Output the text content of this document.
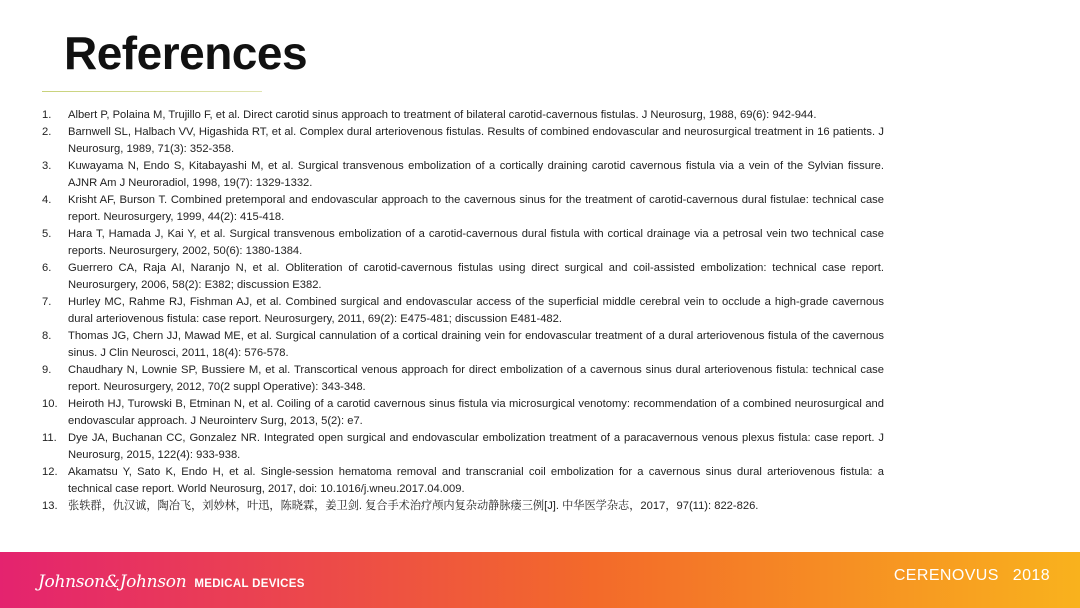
References
1.	Albert P, Polaina M, Trujillo F, et al. Direct carotid sinus approach to treatment of bilateral carotid-cavernous fistulas. J Neurosurg, 1988, 69(6): 942-944.
2.	Barnwell SL, Halbach VV, Higashida RT, et al. Complex dural arteriovenous fistulas. Results of combined endovascular and neurosurgical treatment in 16 patients. J Neurosurg, 1989, 71(3): 352-358.
3.	Kuwayama N, Endo S, Kitabayashi M, et al. Surgical transvenous embolization of a cortically draining carotid cavernous fistula via a vein of the Sylvian fissure. AJNR Am J Neuroradiol, 1998, 19(7): 1329-1332.
4.	Krisht AF, Burson T. Combined pretemporal and endovascular approach to the cavernous sinus for the treatment of carotid-cavernous dural fistulae: technical case report. Neurosurgery, 1999, 44(2): 415-418.
5.	Hara T, Hamada J, Kai Y, et al. Surgical transvenous embolization of a carotid-cavernous dural fistula with cortical drainage via a petrosal vein two technical case reports. Neurosurgery, 2002, 50(6): 1380-1384.
6.	Guerrero CA, Raja AI, Naranjo N, et al. Obliteration of carotid-cavernous fistulas using direct surgical and coil-assisted embolization: technical case report. Neurosurgery, 2006, 58(2): E382; discussion E382.
7.	Hurley MC, Rahme RJ, Fishman AJ, et al. Combined surgical and endovascular access of the superficial middle cerebral vein to occlude a high-grade cavernous dural arteriovenous fistula: case report. Neurosurgery, 2011, 69(2): E475-481; discussion E481-482.
8.	Thomas JG, Chern JJ, Mawad ME, et al. Surgical cannulation of a cortical draining vein for endovascular treatment of a dural arteriovenous fistula of the cavernous sinus. J Clin Neurosci, 2011, 18(4): 576-578.
9.	Chaudhary N, Lownie SP, Bussiere M, et al. Transcortical venous approach for direct embolization of a cavernous sinus dural arteriovenous fistula: technical case report. Neurosurgery, 2012, 70(2 suppl Operative): 343-348.
10. Heiroth HJ, Turowski B, Etminan N, et al. Coiling of a carotid cavernous sinus fistula via microsurgical venotomy: recommendation of a combined neurosurgical and endovascular approach. J Neurointerv Surg, 2013, 5(2): e7.
11.	Dye JA, Buchanan CC, Gonzalez NR. Integrated open surgical and endovascular embolization treatment of a paracavernous venous plexus fistula: case report. J Neurosurg, 2015, 122(4): 933-938.
12. Akamatsu Y, Sato K, Endo H, et al. Single-session hematoma removal and transcranial coil embolization for a cavernous sinus dural arteriovenous fistula: a technical case report. World Neurosurg, 2017, doi: 10.1016/j.wneu.2017.04.009.
13. 张轶群，仇汉诚，陶冶飞，刘妙林，叶迅，陈晓霖，姜卫剑. 复合手术治疗颅内复杂动静脉瘘三例[J]. 中华医学杂志，2017，97(11): 822-826.
Johnson&Johnson MEDICAL DEVICES	CERENOVUS 2018
